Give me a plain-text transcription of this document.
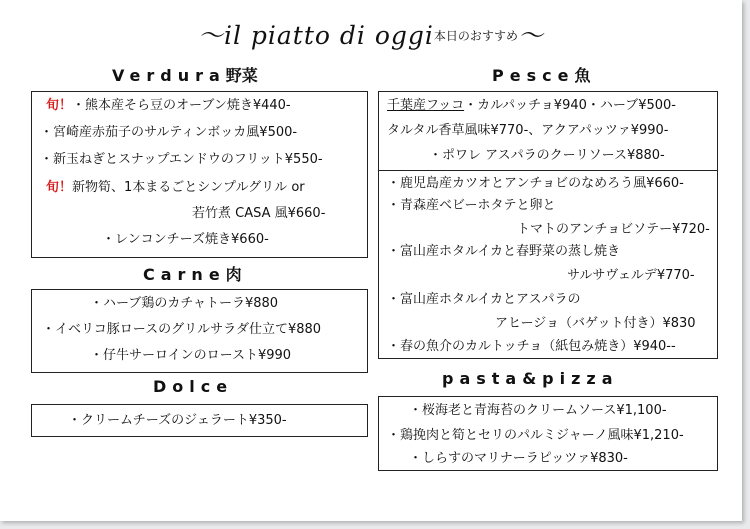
〜il piatto di oggi$^{本日のおすすめ}$〜
Verdura野菜
旬！・熊本産そら豆のオーブン焼き¥440-
・宮崎産赤茄子のサルティンボッカ風¥500-
・新玉ねぎとスナップエンドウのフリット¥550-
旬！新物筍、1本まるごとシンプルグリル or
若竹煮 CASA 風¥660-
・レンコンチーズ焼き¥660-
Carne肉
・ハーブ鶏のカチャトーラ¥880
・イベリコ豚ロースのグリルサラダ仕立て¥880
・仔牛サーロインのロースト¥990
Dolce
・クリームチーズのジェラート¥350-
Pesce魚
千葉産フッコ・カルパッチョ¥940・ハーブ¥500-
タルタル香草風味¥770-、アクアパッツァ¥990-
・ポワレ アスパラのクーリソース¥880-
・鹿児島産カツオとアンチョビのなめろう風¥660-
・青森産ベビーホタテと卵と
トマトのアンチョビソテー¥720-
・富山産ホタルイカと春野菜の蒸し焼き
サルサヴェルデ¥770-
・富山産ホタルイカとアスパラの
アヒージョ（バゲット付き）¥830
・春の魚介のカルトッチョ（紙包み焼き）¥940--
pasta&pizza
・桜海老と青海苔のクリームソース¥1,100-
・鶏挽肉と筍とセリのパルミジャーノ風味¥1,210-
・しらすのマリナーラピッツァ¥830-
